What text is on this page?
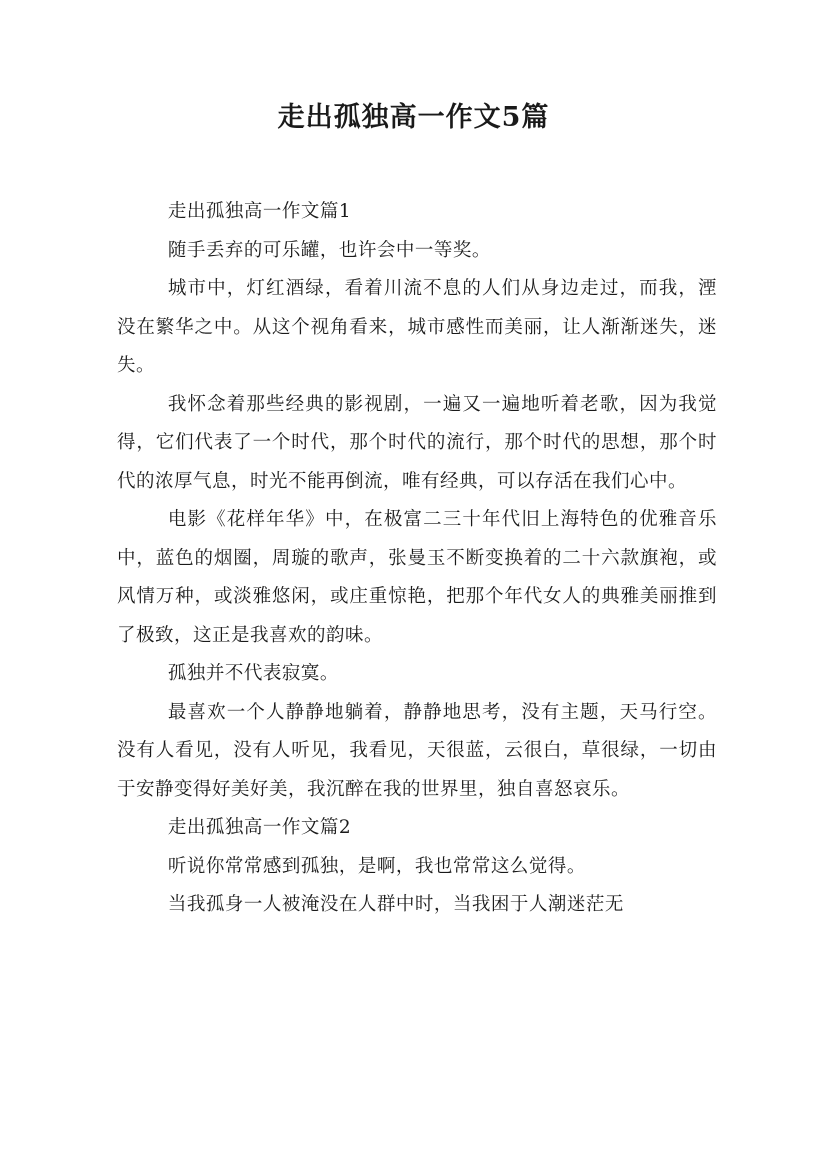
走出孤独高一作文5篇

走出孤独高一作文篇1

随手丢弃的可乐罐，也许会中一等奖。

城市中，灯红酒绿，看着川流不息的人们从身边走过，而我，湮没在繁华之中。从这个视角看来，城市感性而美丽，让人渐渐迷失，迷失。

我怀念着那些经典的影视剧，一遍又一遍地听着老歌，因为我觉得，它们代表了一个时代，那个时代的流行，那个时代的思想，那个时代的浓厚气息，时光不能再倒流，唯有经典，可以存活在我们心中。

电影《花样年华》中，在极富二三十年代旧上海特色的优雅音乐中，蓝色的烟圈，周璇的歌声，张曼玉不断变换着的二十六款旗袍，或风情万种，或淡雅悠闲，或庄重惊艳，把那个年代女人的典雅美丽推到了极致，这正是我喜欢的韵味。

孤独并不代表寂寞。

最喜欢一个人静静地躺着，静静地思考，没有主题，天马行空。没有人看见，没有人听见，我看见，天很蓝，云很白，草很绿，一切由于安静变得好美好美，我沉醉在我的世界里，独自喜怒哀乐。

走出孤独高一作文篇2

听说你常常感到孤独，是啊，我也常常这么觉得。

当我孤身一人被淹没在人群中时，当我困于人潮迷茫无
